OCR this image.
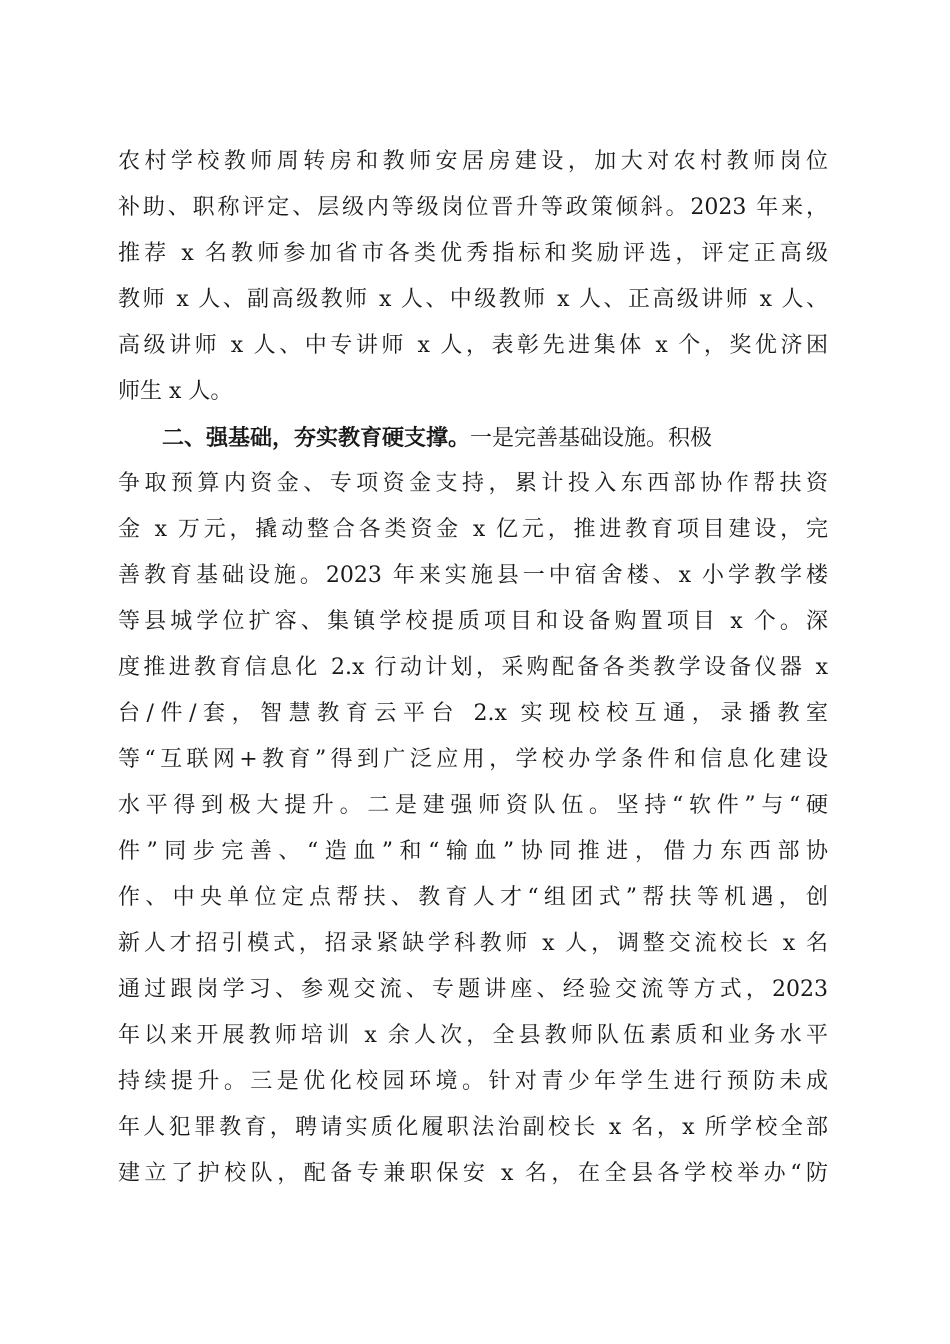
农村学校教师周转房和教师安居房建设，加大对农村教师岗位
补助、职称评定、层级内等级岗位晋升等政策倾斜。2023 年来，
推荐 x 名教师参加省市各类优秀指标和奖励评选，评定正高级
教师 x 人、副高级教师 x 人、中级教师 x 人、正高级讲师 x 人、
高级讲师 x 人、中专讲师 x 人，表彰先进集体 x 个，奖优济困
师生 x 人。
二、强基础，夯实教育硬支撑。一是完善基础设施。积极
争取预算内资金、专项资金支持，累计投入东西部协作帮扶资
金 x 万元，撬动整合各类资金 x 亿元，推进教育项目建设，完
善教育基础设施。2023 年来实施县一中宿舍楼、x 小学教学楼
等县城学位扩容、集镇学校提质项目和设备购置项目 x 个。深
度推进教育信息化 2.x 行动计划，采购配备各类教学设备仪器 x
台/件/套，智慧教育云平台 2.x 实现校校互通，录播教室
等“互联网+教育”得到广泛应用，学校办学条件和信息化建设
水平得到极大提升。二是建强师资队伍。坚持“软件”与“硬
件”同步完善、“造血”和“输血”协同推进，借力东西部协
作、中央单位定点帮扶、教育人才“组团式”帮扶等机遇，创
新人才招引模式，招录紧缺学科教师 x 人，调整交流校长 x 名
通过跟岗学习、参观交流、专题讲座、经验交流等方式，2023
年以来开展教师培训 x 余人次，全县教师队伍素质和业务水平
持续提升。三是优化校园环境。针对青少年学生进行预防未成
年人犯罪教育，聘请实质化履职法治副校长 x 名，x 所学校全部
建立了护校队，配备专兼职保安 x 名，在全县各学校举办“防
